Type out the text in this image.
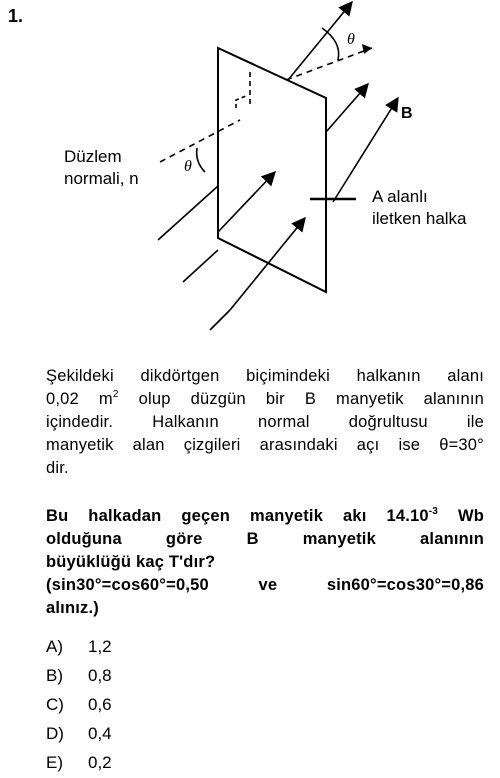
1.
θ
θ
B
Düzlem
normali, n
A alanlı
iletken halka
Şekildeki dikdörtgen biçimindeki halkanın alanı
0,02 $m^2$ olup düzgün bir B manyetik alanının
içindedir. Halkanın normal doğrultusu ile
manyetik alan çizgileri arasındaki açı ise θ=30°
dir.
Bu halkadan geçen manyetik akı $14.10^{-3}$ Wb
olduğuna göre B manyetik alanının
büyüklüğü kaç T'dır?
(sin30°=cos60°=0,50 ve sin60°=cos30°=0,86
alınız.)
A)	1,2
B)	0,8
C)	0,6
D)	0,4
E)	0,2
